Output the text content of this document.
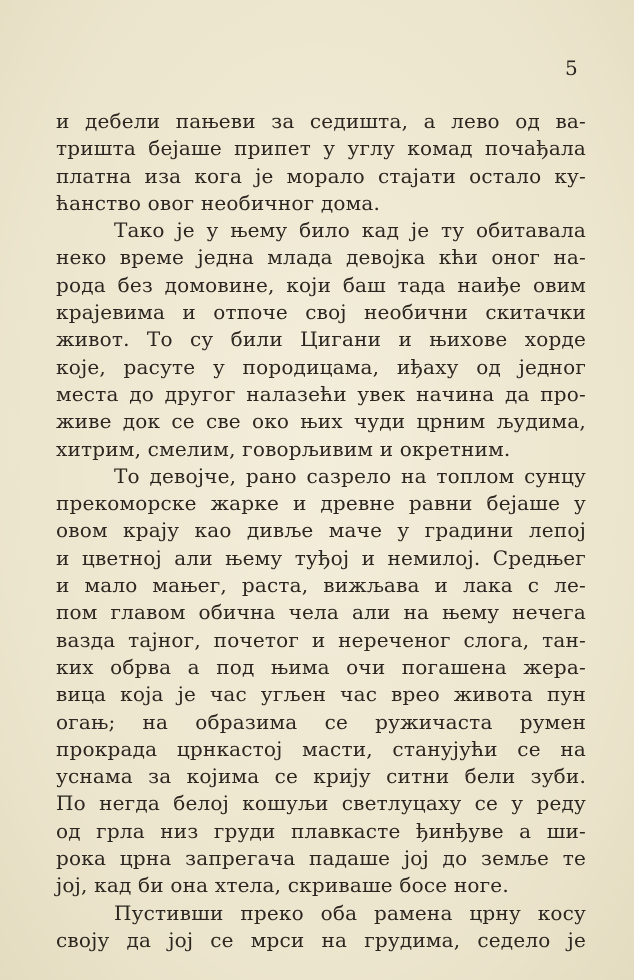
5
и дебели пањеви за седишта, а лево од ва-
тришта бејаше припет у углу комад почађала
платна иза кога је морало стајати остало ку-
ћанство овог необичног дома.
Тако је у њему било кад је ту обитавала
неко време једна млада девојка кћи оног на-
рода без домовине, који баш тада наиђе овим
крајевима и отпоче свој необични скитачки
живот. То су били Цигани и њихове хорде
које, расуте у породицама, иђаху од једног
места до другог налазећи увек начина да про-
живе док се све око њих чуди црним људима,
хитрим, смелим, говорљивим и окретним.
То девојче, рано сазрело на топлом сунцу
прекоморске жарке и древне равни бејаше у
овом крају као дивље маче у градини лепој
и цветној али њему туђој и немилој. Средњег
и мало мањег, раста, вижљава и лака с ле-
пом главом обична чела али на њему нечега
вазда тајног, почетог и нереченог слога, тан-
ких обрва а под њима очи погашена жера-
вица која је час угљен час врео живота пун
огањ; на образима се ружичаста румен
прокрада црнкастој масти, станујући се на
уснама за којима се крију ситни бели зуби.
По негда белој кошуљи светлуцаху се у реду
од грла низ груди плавкасте ђинђуве а ши-
рока црна запрегача падаше јој до земље те
јој, кад би она хтела, скриваше босе ноге.
Пустивши преко оба рамена црну косу
своју да јој се мрси на грудима, седело је
